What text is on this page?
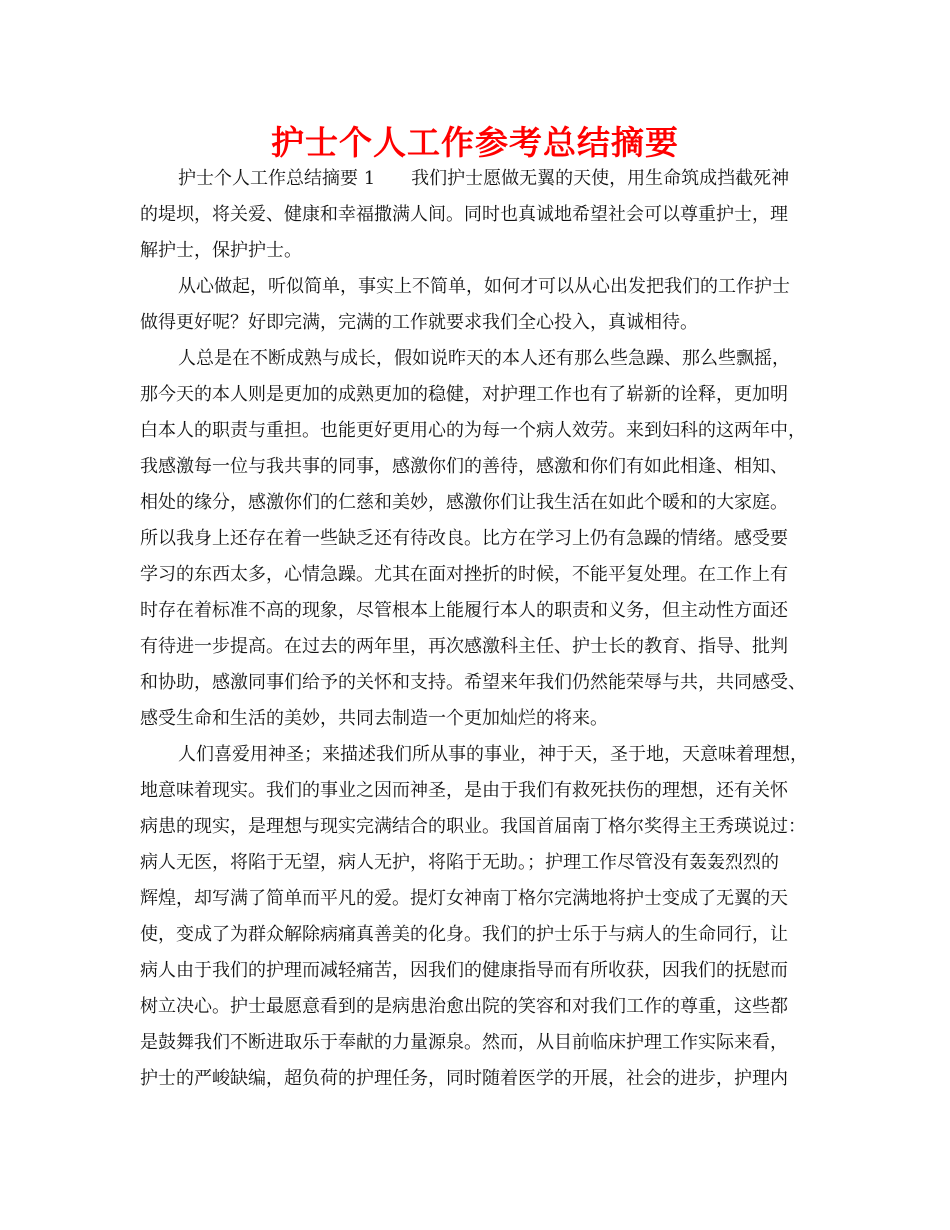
护士个人工作参考总结摘要
护士个人工作总结摘要 1　　我们护士愿做无翼的天使，用生命筑成挡截死神
的堤坝，将关爱、健康和幸福撒满人间。同时也真诚地希望社会可以尊重护士，理
解护士，保护护士。
从心做起，听似简单，事实上不简单，如何才可以从心出发把我们的工作护士
做得更好呢？好即完满，完满的工作就要求我们全心投入，真诚相待。
人总是在不断成熟与成长，假如说昨天的本人还有那么些急躁、那么些飘摇，
那今天的本人则是更加的成熟更加的稳健，对护理工作也有了崭新的诠释，更加明
白本人的职责与重担。也能更好更用心的为每一个病人效劳。来到妇科的这两年中，
我感激每一位与我共事的同事，感激你们的善待，感激和你们有如此相逢、相知、
相处的缘分，感激你们的仁慈和美妙，感激你们让我生活在如此个暖和的大家庭。
所以我身上还存在着一些缺乏还有待改良。比方在学习上仍有急躁的情绪。感受要
学习的东西太多，心情急躁。尤其在面对挫折的时候，不能平复处理。在工作上有
时存在着标准不高的现象，尽管根本上能履行本人的职责和义务，但主动性方面还
有待进一步提高。在过去的两年里，再次感激科主任、护士长的教育、指导、批判
和协助，感激同事们给予的关怀和支持。希望来年我们仍然能荣辱与共，共同感受、
感受生命和生活的美妙，共同去制造一个更加灿烂的将来。
人们喜爱用神圣；来描述我们所从事的事业，神于天，圣于地，天意味着理想，
地意味着现实。我们的事业之因而神圣，是由于我们有救死扶伤的理想，还有关怀
病患的现实，是理想与现实完满结合的职业。我国首届南丁格尔奖得主王秀瑛说过：
病人无医，将陷于无望，病人无护，将陷于无助。；护理工作尽管没有轰轰烈烈的
辉煌，却写满了简单而平凡的爱。提灯女神南丁格尔完满地将护士变成了无翼的天
使，变成了为群众解除病痛真善美的化身。我们的护士乐于与病人的生命同行，让
病人由于我们的护理而减轻痛苦，因我们的健康指导而有所收获，因我们的抚慰而
树立决心。护士最愿意看到的是病患治愈出院的笑容和对我们工作的尊重，这些都
是鼓舞我们不断进取乐于奉献的力量源泉。然而，从目前临床护理工作实际来看，
护士的严峻缺编，超负荷的护理任务，同时随着医学的开展，社会的进步，护理内
